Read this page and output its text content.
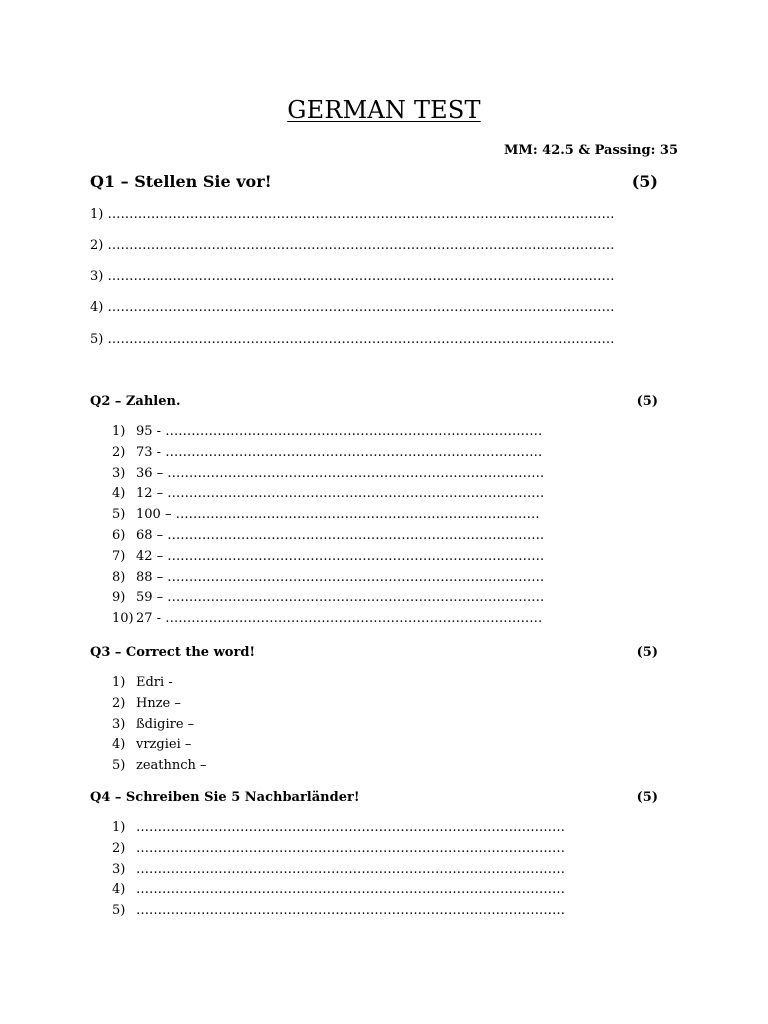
GERMAN TEST
MM: 42.5 & Passing: 35
Q1 – Stellen Sie vor!	(5)
1) ………………………………………………………………………………………………………
2) ………………………………………………………………………………………………………
3) ………………………………………………………………………………………………………
4) ………………………………………………………………………………………………………
5) ………………………………………………………………………………………………………
Q2 – Zahlen.	(5)
1) 95 - ……………………………………………………………………………
2) 73 - ……………………………………………………………………………
3) 36 – ……………………………………………………………………………
4) 12 – ……………………………………………………………………………
5) 100 – …………………………………………………………………………
6) 68 – ……………………………………………………………………………
7) 42 – ……………………………………………………………………………
8) 88 – ……………………………………………………………………………
9) 59 – ……………………………………………………………………………
10) 27 - ……………………………………………………………………………
Q3 – Correct the word!	(5)
1) Edri -
2) Hnze –
3) ßdigire –
4) vrzgiei –
5) zeathnch –
Q4 – Schreiben Sie 5 Nachbarländer!	(5)
1) ………………………………………………………………………………………
2) ………………………………………………………………………………………
3) ………………………………………………………………………………………
4) ………………………………………………………………………………………
5) ………………………………………………………………………………………
